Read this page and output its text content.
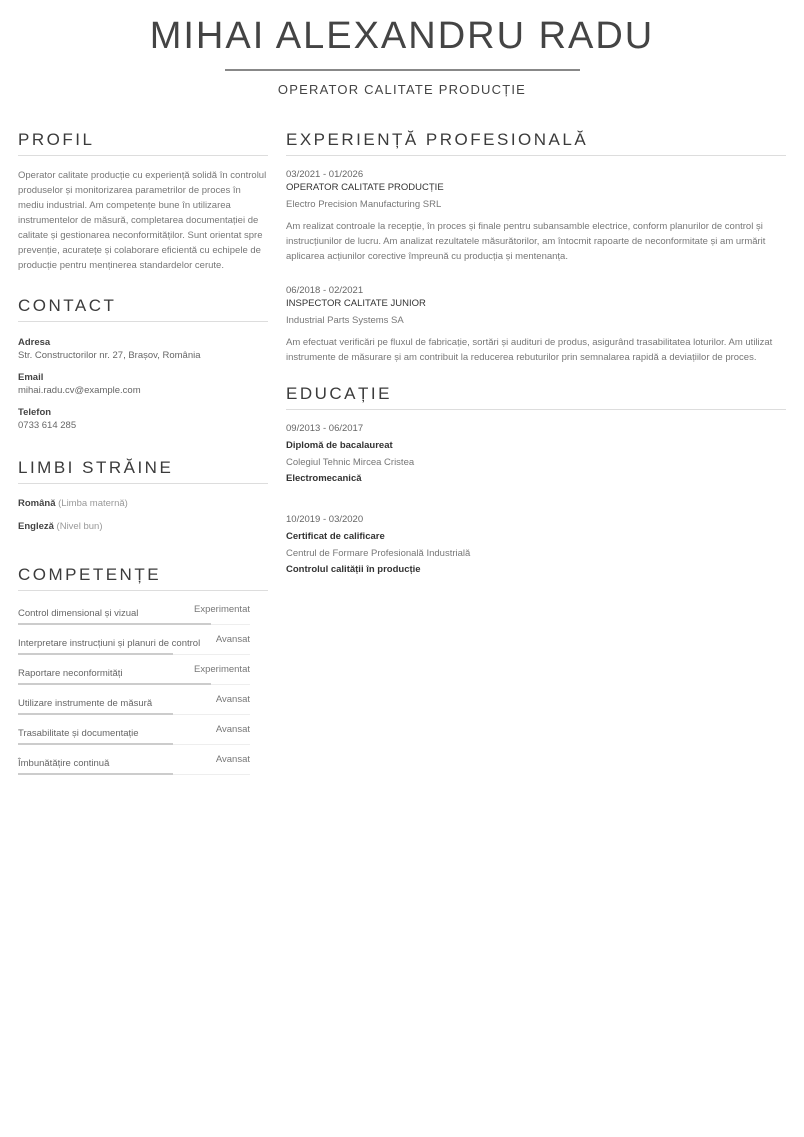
MIHAI ALEXANDRU RADU

OPERATOR CALITATE PRODUCȚIE

PROFIL

Operator calitate producție cu experiență solidă în controlul produselor și monitorizarea parametrilor de proces în mediu industrial. Am competențe bune în utilizarea instrumentelor de măsură, completarea documentației de calitate și gestionarea neconformităților. Sunt orientat spre prevenție, acuratețe și colaborare eficientă cu echipele de producție pentru menținerea standardelor cerute.

CONTACT
Adresa
Str. Constructorilor nr. 27, Brașov, România
Email
mihai.radu.cv@example.com
Telefon
0733 614 285
LIMBI STRĂINE
Română (Limba maternă)
Engleză (Nivel bun)
COMPETENȚE
Control dimensional și vizual	Experimentat
Interpretare instrucțiuni și planuri de control Avansat
Raportare neconformități	Experimentat
Utilizare instrumente de măsură	Avansat
Trasabilitate și documentație	Avansat
Îmbunătățire continuă	Avansat
EXPERIENȚĂ PROFESIONALĂ
03/2021 - 01/2026
OPERATOR CALITATE PRODUCȚIE
Electro Precision Manufacturing SRL
Am realizat controale la recepție, în proces și finale pentru subansamble electrice, conform planurilor de control și instrucțiunilor de lucru. Am analizat rezultatele măsurătorilor, am întocmit rapoarte de neconformitate și am urmărit aplicarea acțiunilor corective împreună cu producția și mentenanța.
06/2018 - 02/2021
INSPECTOR CALITATE JUNIOR
Industrial Parts Systems SA
Am efectuat verificări pe fluxul de fabricație, sortări și audituri de produs, asigurând trasabilitatea loturilor. Am utilizat instrumente de măsurare și am contribuit la reducerea rebuturilor prin semnalarea rapidă a deviațiilor de proces.
EDUCAȚIE
09/2013 - 06/2017
Diplomă de bacalaureat
Colegiul Tehnic Mircea Cristea
Electromecanică
10/2019 - 03/2020
Certificat de calificare
Centrul de Formare Profesională Industrială
Controlul calității în producție
